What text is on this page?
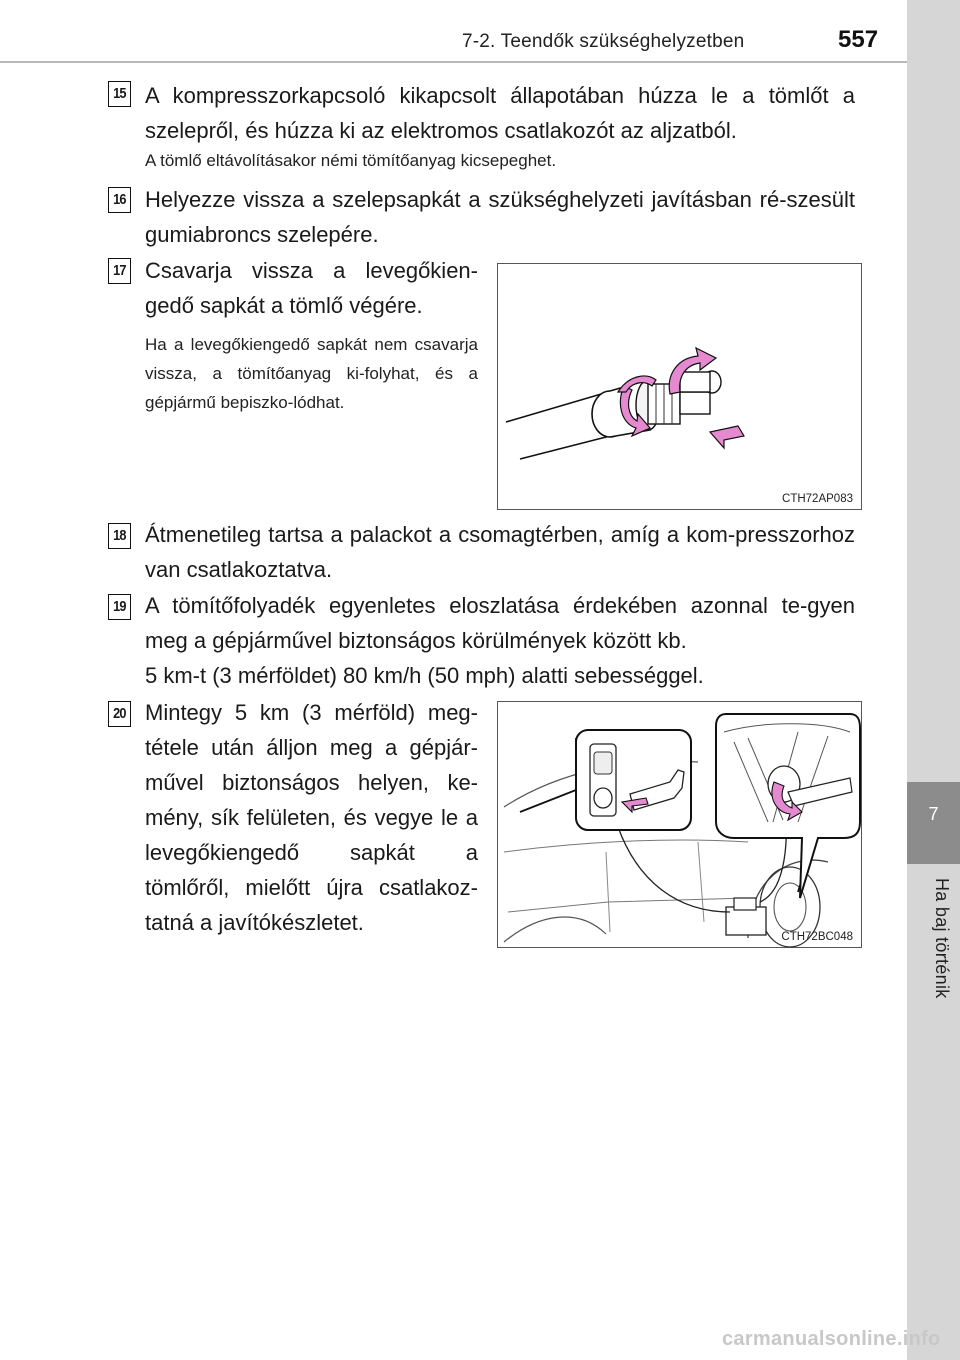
7-2. Teendők szükséghelyzetben	557
7
Ha baj történik
15 A kompresszorkapcsoló kikapcsolt állapotában húzza le a tömlőt a szelepről, és húzza ki az elektromos csatlakozót az aljzatból.
A tömlő eltávolításakor némi tömítőanyag kicsepeghet.
16 Helyezze vissza a szelepsapkát a szükséghelyzeti javításban ré-szesült gumiabroncs szelepére.
17 Csavarja vissza a levegőkien-gedő sapkát a tömlő végére.
Ha a levegőkiengedő sapkát nem csavarja vissza, a tömítőanyag ki-folyhat, és a gépjármű bepiszko-lódhat.
CTH72AP083
18 Átmenetileg tartsa a palackot a csomagtérben, amíg a kom-presszorhoz van csatlakoztatva.
19 A tömítőfolyadék egyenletes eloszlatása érdekében azonnal te-gyen meg a gépjárművel biztonságos körülmények között kb.
5 km-t (3 mérföldet) 80 km/h (50 mph) alatti sebességgel.
20 Mintegy 5 km (3 mérföld) meg-tétele után álljon meg a gépjár-művel biztonságos helyen, ke-mény, sík felületen, és vegye le a levegőkiengedő sapkát a tömlőről, mielőtt újra csatlakoz-tatná a javítókészletet.
CTH72BC048
carmanualsonline.info
